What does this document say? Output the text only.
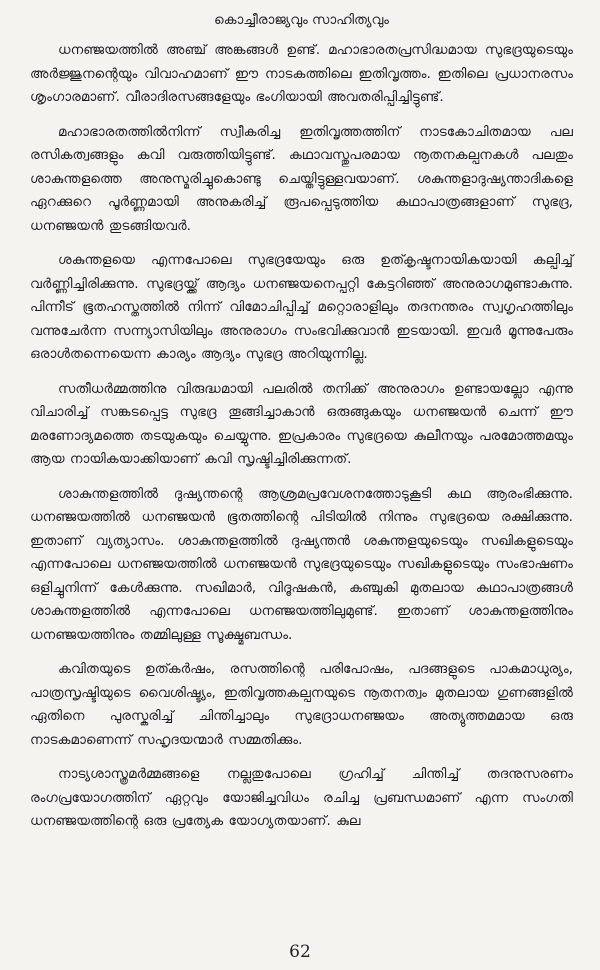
കൊച്ചീരാജ്യവും സാഹിത്യവും

ധനഞ്ജയത്തിൽ അഞ്ച് അങ്കങ്ങൾ ഉണ്ട്. മഹാഭാരതപ്രസിദ്ധമായ സുഭദ്രയുടെയും അർജ്ജുനന്റെയും വിവാഹമാണ് ഈ നാടകത്തിലെ ഇതിവൃത്തം. ഇതിലെ പ്രധാനരസം ശൃംഗാരമാണ്. വീരാദിരസങ്ങളേയും ഭംഗിയായി അവതരിപ്പിച്ചിട്ടുണ്ട്.

മഹാഭാരതത്തിൽനിന്ന് സ്വീകരിച്ച ഇതിവൃത്തത്തിന് നാടകോചിതമായ പല രസികത്വങ്ങളും കവി വരുത്തിയിട്ടുണ്ട്. കഥാവസ്തുപരമായ നൂതനകല്പനകൾ പലതും ശാകുന്തളത്തെ അനുസ്മരിച്ചുകൊണ്ടു ചെയ്തിട്ടുള്ളവയാണ്. ശകുന്തളാദുഷ്യന്താദികളെ ഏറക്കുറെ പൂർണ്ണമായി അനുകരിച്ച് രൂപപ്പെടുത്തിയ കഥാപാത്രങ്ങളാണ് സുഭദ്ര, ധനഞ്ജയൻ തുടങ്ങിയവർ.

ശകുന്തളയെ എന്നപോലെ സുഭദ്രയേയും ഒരു ഉത്കൃഷ്ടനായികയായി കല്പിച്ച് വർണ്ണിച്ചിരിക്കുന്നു. സുഭദ്രയ്ക്ക് ആദ്യം ധനഞ്ജയനെപ്പറ്റി കേട്ടറിഞ്ഞ് അനുരാഗമുണ്ടാകുന്നു. പിന്നീട് ഭൂതഹസ്തത്തിൽ നിന്ന് വിമോചിപ്പിച്ച് മറ്റൊരാളിലും തദനന്തരം സ്വഗൃഹത്തിലും വന്നുചേർന്ന സന്ന്യാസിയിലും അനുരാഗം സംഭവിക്കുവാൻ ഇടയായി. ഇവർ മൂന്നുപേരും ഒരാൾതന്നെയെന്ന കാര്യം ആദ്യം സുഭദ്ര അറിയുന്നില്ല.

സതീധർമ്മത്തിനു വിരുദ്ധമായി പലരിൽ തനിക്ക് അനുരാഗം ഉണ്ടായല്ലോ എന്നു വിചാരിച്ച് സങ്കടപ്പെട്ട സുഭദ്ര തൂങ്ങിച്ചാകാൻ ഒരുങ്ങുകയും ധനഞ്ജയൻ ചെന്ന് ഈ മരണോദ്യമത്തെ തടയുകയും ചെയ്യുന്നു. ഇപ്രകാരം സുഭദ്രയെ കുലീനയും പരമോത്തമയും ആയ നായികയാക്കിയാണ് കവി സൃഷ്ടിച്ചിരിക്കുന്നത്.

ശാകുന്തളത്തിൽ ദുഷ്യന്തന്റെ ആശ്രമപ്രവേശനത്തോടുകൂടി കഥ ആരംഭിക്കുന്നു. ധനഞ്ജയത്തിൽ ധനഞ്ജയൻ ഭൂതത്തിന്റെ പിടിയിൽ നിന്നും സുഭദ്രയെ രക്ഷിക്കുന്നു. ഇതാണ് വ്യത്യാസം. ശാകുന്തളത്തിൽ ദുഷ്യന്തൻ ശകുന്തളയുടെയും സഖികളുടെയും എന്നപോലെ ധനഞ്ജയത്തിൽ ധനഞ്ജയൻ സുഭദ്രയുടെയും സഖികളുടെയും സംഭാഷണം ഒളിച്ചുനിന്ന് കേൾക്കുന്നു. സഖിമാർ, വിദൂഷകൻ, കഞ്ചുകി മുതലായ കഥാപാത്രങ്ങൾ ശാകുന്തളത്തിൽ എന്നപോലെ ധനഞ്ജയത്തിലുമുണ്ട്. ഇതാണ് ശാകുന്തളത്തിനും ധനഞ്ജയത്തിനും തമ്മിലുള്ള സൂക്ഷ്മബന്ധം.

കവിതയുടെ ഉത്കർഷം, രസത്തിന്റെ പരിപോഷം, പദങ്ങളുടെ പാകമാധുര്യം, പാത്രസൃഷ്ടിയുടെ വൈശിഷ്ട്യം, ഇതിവൃത്തകല്പനയുടെ നൂതനത്വം മുതലായ ഗുണങ്ങളിൽ ഏതിനെ പുരസ്കരിച്ച് ചിന്തിച്ചാലും സുഭദ്രാധനഞ്ജയം അത്യുത്തമമായ ഒരു നാടകമാണെന്ന് സഹൃദയന്മാർ സമ്മതിക്കും.

നാട്യശാസ്ത്രമർമ്മങ്ങളെ നല്ലതുപോലെ ഗ്രഹിച്ച് ചിന്തിച്ച് തദനുസരണം രംഗപ്രയോഗത്തിന് ഏറ്റവും യോജിച്ചവിധം രചിച്ച പ്രബന്ധമാണ് എന്ന സംഗതി ധനഞ്ജയത്തിന്റെ ഒരു പ്രത്യേക യോഗ്യതയാണ്. കുല

62
